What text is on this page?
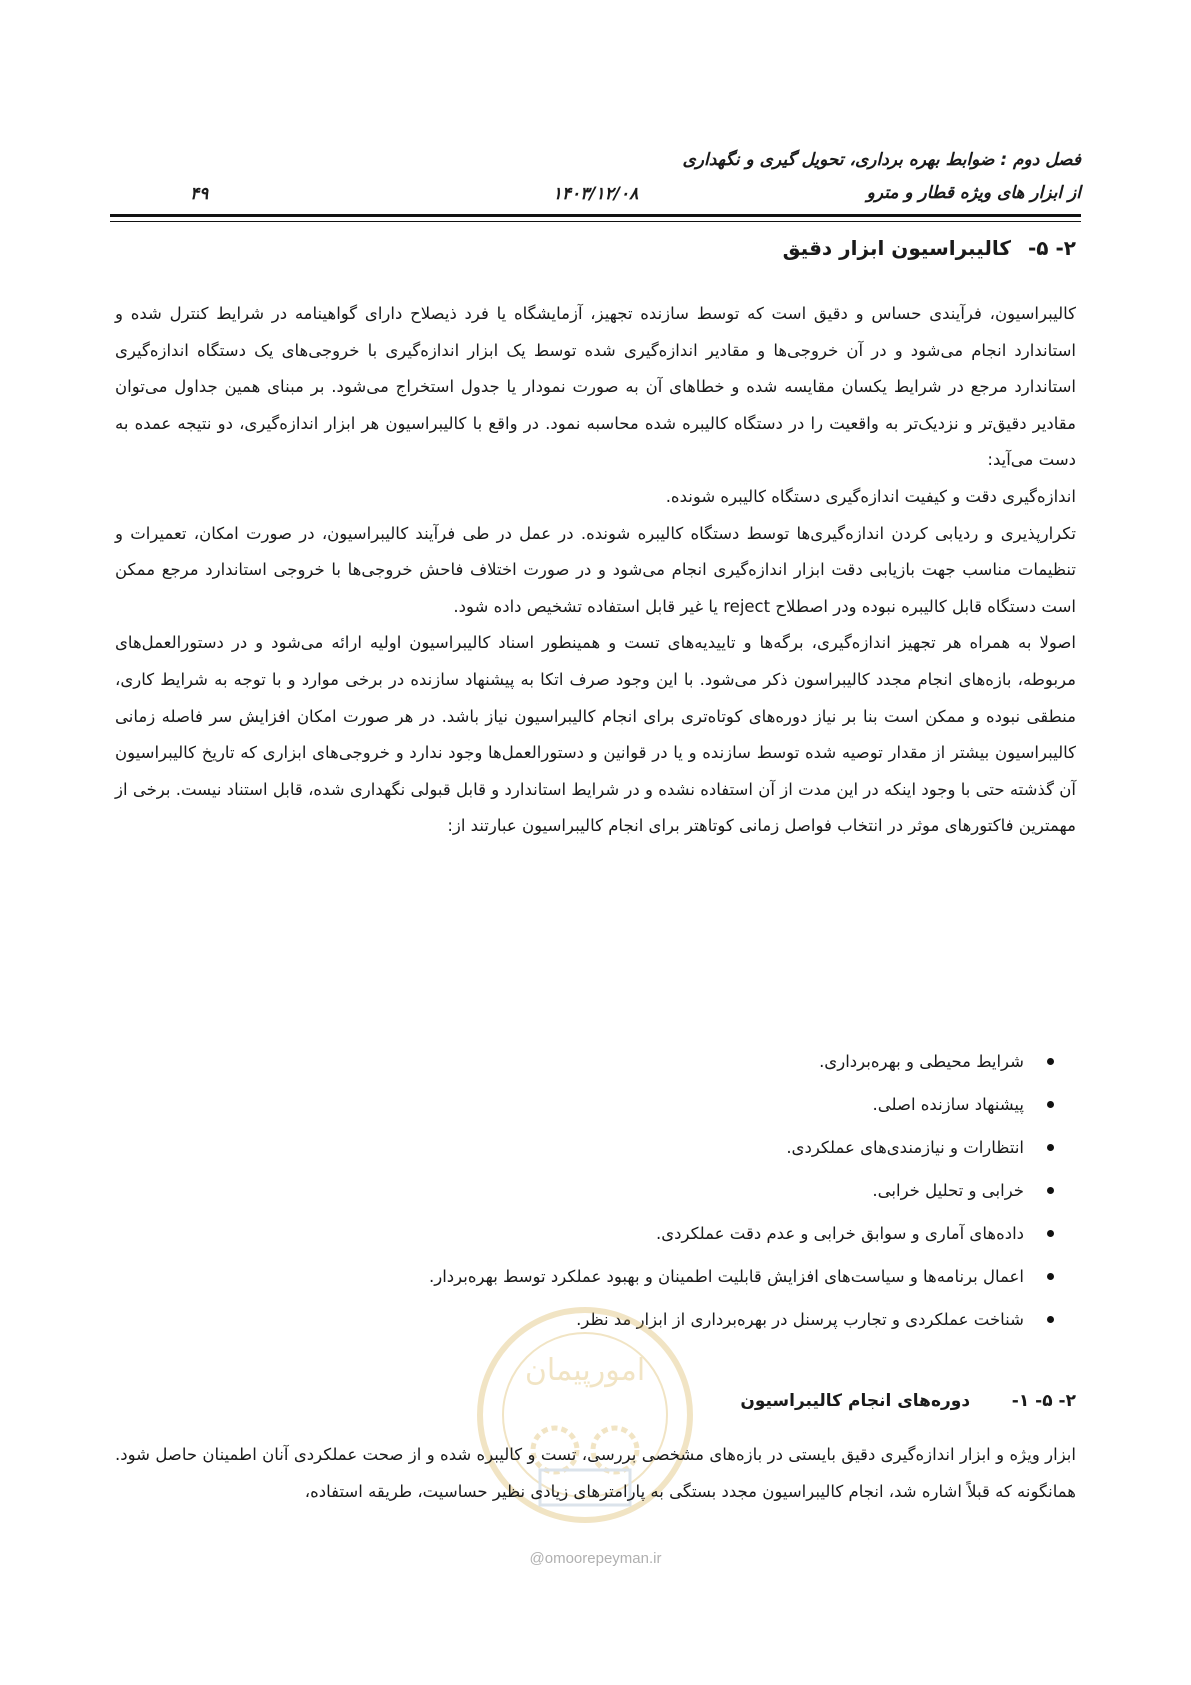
فصل دوم : ضوابط بهره برداری، تحویل گیری و نگهداری
از ابزار های ویژه قطار و مترو
۱۴۰۳/۱۲/۰۸
۴۹
۲- ۵- کالیبراسیون ابزار دقیق

کالیبراسیون، فرآیندی حساس و دقیق است که توسط سازنده تجهیز، آزمایشگاه یا فرد ذیصلاح دارای گواهینامه در شرایط کنترل شده و استاندارد انجام می‌شود و در آن خروجی‌ها و مقادیر اندازه‌گیری شده توسط یک ابزار اندازه‌گیری با خروجی‌های یک دستگاه اندازه‌گیری استاندارد مرجع در شرایط یکسان مقایسه شده و خطاهای آن به صورت نمودار یا جدول استخراج می‌شود. بر مبنای همین جداول می‌توان مقادیر دقیق‌تر و نزدیک‌تر به واقعیت را در دستگاه کالیبره شده محاسبه نمود. در واقع با کالیبراسیون هر ابزار اندازه‌گیری، دو نتیجه عمده به دست می‌آید:

اندازه‌گیری دقت و کیفیت اندازه‌گیری دستگاه کالیبره شونده.

تکرارپذیری و ردیابی کردن اندازه‌گیری‌ها توسط دستگاه کالیبره شونده. در عمل در طی فرآیند کالیبراسیون، در صورت امکان، تعمیرات و تنظیمات مناسب جهت بازیابی دقت ابزار اندازه‌گیری انجام می‌شود و در صورت اختلاف فاحش خروجی‌ها با خروجی استاندارد مرجع ممکن است دستگاه قابل کالیبره نبوده ودر اصطلاح reject یا غیر قابل استفاده تشخیص داده شود.

اصولا به همراه هر تجهیز اندازه‌گیری، برگه‌ها و تاییدیه‌های تست و همینطور اسناد کالیبراسیون اولیه ارائه می‌شود و در دستورالعمل‌های مربوطه، بازه‌های انجام مجدد کالیبراسون ذکر می‌شود. با این وجود صرف اتکا به پیشنهاد سازنده در برخی موارد و با توجه به شرایط کاری، منطقی نبوده و ممکن است بنا بر نیاز دوره‌های کوتاه‌تری برای انجام کالیبراسیون نیاز باشد. در هر صورت امکان افزایش سر فاصله زمانی کالیبراسیون بیشتر از مقدار توصیه شده توسط سازنده و یا در قوانین و دستورالعمل‌ها وجود ندارد و خروجی‌های ابزاری که تاریخ کالیبراسیون آن گذشته حتی با وجود اینکه در این مدت از آن استفاده نشده و در شرایط استاندارد و قابل قبولی نگهداری شده، قابل استناد نیست. برخی از مهمترین فاکتورهای موثر در انتخاب فواصل زمانی کوتاهتر برای انجام کالیبراسیون عبارتند از:

شرایط محیطی و بهره‌برداری.
پیشنهاد سازنده اصلی.
انتظارات و نیازمندی‌های عملکردی.
خرابی و تحلیل خرابی.
داده‌های آماری و سوابق خرابی و عدم دقت عملکردی.
اعمال برنامه‌ها و سیاست‌های افزایش قابلیت اطمینان و بهبود عملکرد توسط بهره‌بردار.
شناخت عملکردی و تجارب پرسنل در بهره‌برداری از ابزار مد نظر.
امورپیمان
@omoorepeyman.ir
۲- ۵- ۱- دوره‌های انجام کالیبراسیون

ابزار ویژه و ابزار اندازه‌گیری دقیق بایستی در بازه‌های مشخصی بررسی، تست و کالیبره شده و از صحت عملکردی آنان اطمینان حاصل شود. همانگونه که قبلاً اشاره شد، انجام کالیبراسیون مجدد بستگی به پارامترهای زیادی نظیر حساسیت، طریقه استفاده،
